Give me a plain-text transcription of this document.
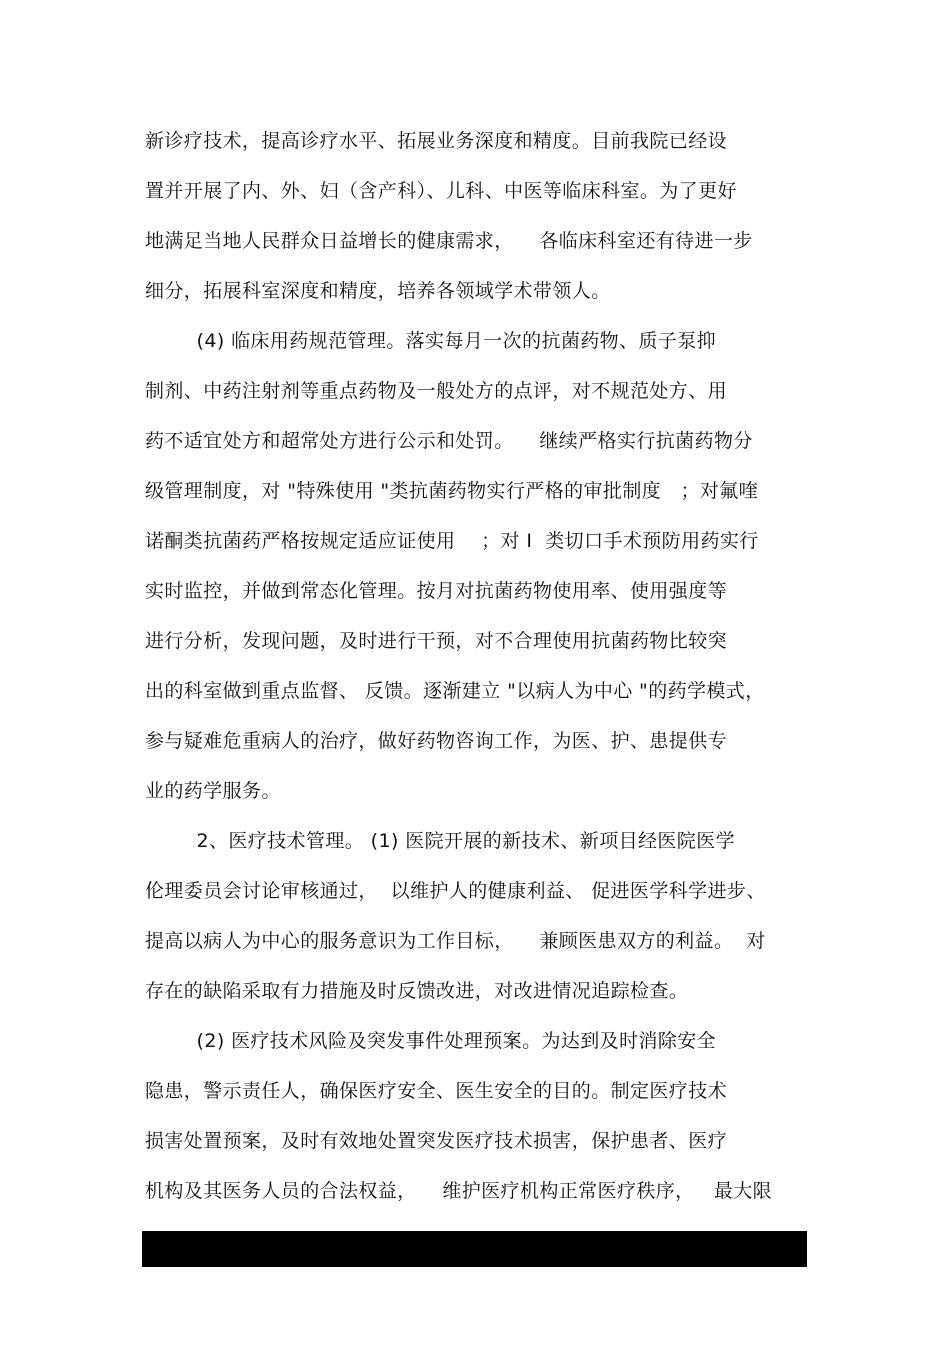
新诊疗技术，提高诊疗水平、拓展业务深度和精度。目前我院已经设
置并开展了内、外、妇（含产科）、儿科、中医等临床科室。为了更好
地满足当地人民群众日益增长的健康需求，    各临床科室还有待进一步
细分，拓展科室深度和精度，培养各领域学术带领人。
(4) 临床用药规范管理。落实每月一次的抗菌药物、质子泵抑
制剂、中药注射剂等重点药物及一般处方的点评，对不规范处方、用
药不适宜处方和超常处方进行公示和处罚。    继续严格实行抗菌药物分
级管理制度，对 "特殊使用 "类抗菌药物实行严格的审批制度   ；对氟喹
诺酮类抗菌药严格按规定适应证使用    ；对 I  类切口手术预防用药实行
实时监控，并做到常态化管理。按月对抗菌药物使用率、使用强度等
进行分析，发现问题，及时进行干预，对不合理使用抗菌药物比较突
出的科室做到重点监督、 反馈。逐渐建立 "以病人为中心 "的药学模式，
参与疑难危重病人的治疗，做好药物咨询工作，为医、护、患提供专
业的药学服务。
2、医疗技术管理。 (1) 医院开展的新技术、新项目经医院医学
伦理委员会讨论审核通过，  以维护人的健康利益、 促进医学科学进步、
提高以病人为中心的服务意识为工作目标，    兼顾医患双方的利益。  对
存在的缺陷采取有力措施及时反馈改进，对改进情况追踪检查。
(2) 医疗技术风险及突发事件处理预案。为达到及时消除安全
隐患，警示责任人，确保医疗安全、医生安全的目的。制定医疗技术
损害处置预案，及时有效地处置突发医疗技术损害，保护患者、医疗
机构及其医务人员的合法权益，    维护医疗机构正常医疗秩序，   最大限
